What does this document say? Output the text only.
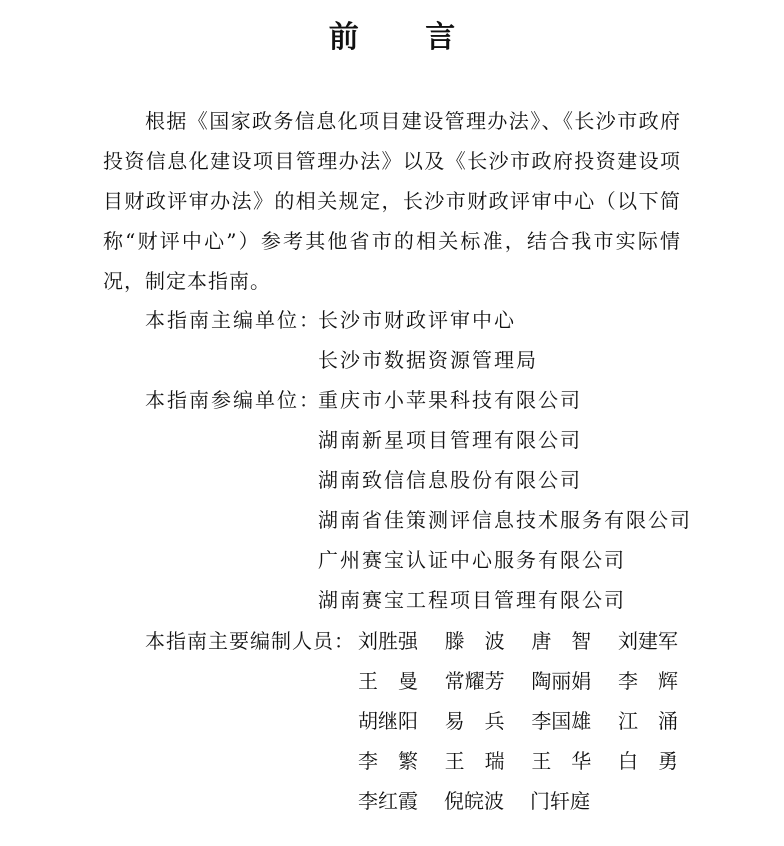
前 言
根据《国家政务信息化项目建设管理办法》、《长沙市政府投资信息化建设项目管理办法》以及《长沙市政府投资建设项目财政评审办法》的相关规定，长沙市财政评审中心（以下简称“财评中心”）参考其他省市的相关标准，结合我市实际情况，制定本指南。
本指南主编单位：
长沙市财政评审中心
长沙市数据资源管理局
本指南参编单位：
重庆市小苹果科技有限公司
湖南新星项目管理有限公司
湖南致信信息股份有限公司
湖南省佳策测评信息技术服务有限公司
广州赛宝认证中心服务有限公司
湖南赛宝工程项目管理有限公司
本指南主要编制人员： 刘胜强 滕　波 唐　智 刘建军
王　曼 常耀芳 陶丽娟 李　辉
胡继阳 易　兵 李国雄 江　涌
李　繁 王　瑞 王　华 白　勇
李红霞 倪皖波 门轩庭
